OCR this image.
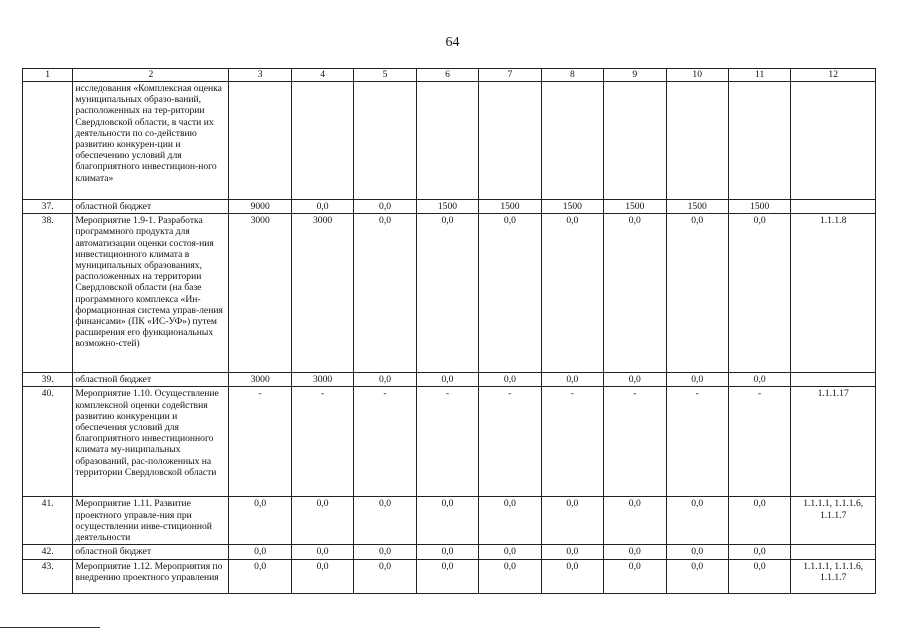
64
1	2	3	4	5	6	7	8	9	10	11	12
	исследования «Комплексная оценка муниципальных образо-ваний, расположенных на тер-ритории Свердловской области, в части их деятельности по со-действию развитию конкурен-ции и обеспечению условий для благоприятного инвестицион-ного климата»										
37.	областной бюджет	9000	0,0	0,0	1500	1500	1500	1500	1500	1500	
38.	Мероприятие 1.9-1. Разработка программного продукта для автоматизации оценки состоя-ния инвестиционного климата в муниципальных образованиях, расположенных на территории Свердловской области (на базе программного комплекса «Ин-формационная система управ-ления финансами» (ПК «ИС-УФ») путем расширения его функциональных возможно-стей)	3000	3000	0,0	0,0	0,0	0,0	0,0	0,0	0,0	1.1.1.8
39.	областной бюджет	3000	3000	0,0	0,0	0,0	0,0	0,0	0,0	0,0	
40.	Мероприятие 1.10. Осуществление комплексной оценки содействия развитию конкуренции и обеспечения условий для благоприятного инвестиционного климата му-ниципальных образований, рас-положенных на территории Свердловской области	-	-	-	-	-	-	-	-	-	1.1.1.17
41.	Мероприятие 1.11. Развитие проектного управле-ния при осуществлении инве-стиционной деятельности	0,0	0,0	0,0	0,0	0,0	0,0	0,0	0,0	0,0	1.1.1.1, 1.1.1.6, 1.1.1.7
42.	областной бюджет	0,0	0,0	0,0	0,0	0,0	0,0	0,0	0,0	0,0	
43.	Мероприятие 1.12. Мероприятия по внедрению проектного управления	0,0	0,0	0,0	0,0	0,0	0,0	0,0	0,0	0,0	1.1.1.1, 1.1.1.6, 1.1.1.7
